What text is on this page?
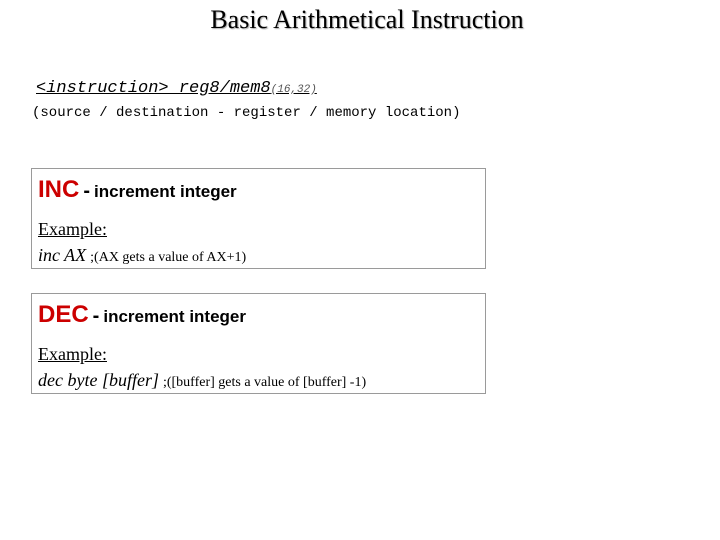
Basic Arithmetical Instruction
<instruction> reg8/mem8(16,32)
(source / destination - register / memory location)
INC - increment integer
Example:
inc AX ;(AX gets a value of AX+1)
DEC - increment integer
Example:
dec byte [buffer] ;([buffer] gets a value of [buffer] -1)
